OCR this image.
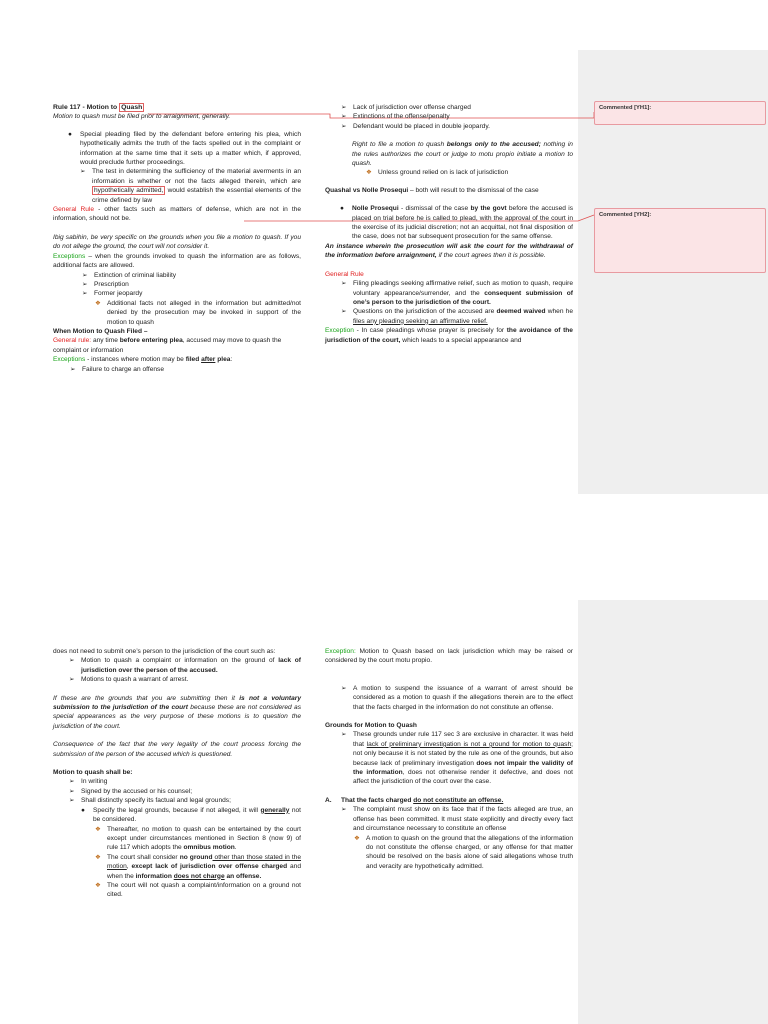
Commented [YH1]:
Commented [YH2]:

Rule 117 - Motion to Quash

Motion to quash must be filed prior to arraignment, generally.

● Special pleading filed by the defendant before entering his plea, which hypothetically admits the truth of the facts spelled out in the complaint or information at the same time that it sets up a matter which, if approved, would preclude further proceedings.
➢ The test in determining the sufficiency of the material averments in an information is whether or not the facts alleged therein, which are hypothetically admitted, would establish the essential elements of the crime defined by law

General Rule - other facts such as matters of defense, which are not in the information, should not be.

Ibig sabihin, be very specific on the grounds when you file a motion to quash. If you do not allege the ground, the court will not consider it.

Exceptions – when the grounds invoked to quash the information are as follows, additional facts are allowed.

➢ Extinction of criminal liability
➢ Prescription
➢ Former jeopardy
❖ Additional facts not alleged in the information but admitted/not denied by the prosecution may be invoked in support of the motion to quash

When Motion to Quash Filed –

General rule: any time before entering plea, accused may move to quash the complaint or information

Exceptions - instances where motion may be filed after plea:

➢ Failure to charge an offense
➢ Lack of jurisdiction over offense charged
➢ Extinctions of the offense/penalty
➢ Defendant would be placed in double jeopardy.

Right to file a motion to quash belongs only to the accused; nothing in the rules authorizes the court or judge to motu propio initiate a motion to quash.

❖ Unless ground relied on is lack of jurisdiction

Quashal vs Nolle Prosequi – both will result to the dismissal of the case

● Nolle Prosequi - dismissal of the case by the govt before the accused is placed on trial before he is called to plead, with the approval of the court in the exercise of its judicial discretion; not an acquittal, not final disposition of the case, does not bar subsequent prosecution for the same offense.

An instance wherein the prosecution will ask the court for the withdrawal of the information before arraignment, if the court agrees then it is possible.

General Rule

➢ Filing pleadings seeking affirmative relief, such as motion to quash, require voluntary appearance/surrender, and the consequent submission of one’s person to the jurisdiction of the court.
➢ Questions on the jurisdiction of the accused are deemed waived when he files any pleading seeking an affirmative relief.

Exception - In case pleadings whose prayer is precisely for the avoidance of the jurisdiction of the court, which leads to a special appearance and

does not need to submit one’s person to the jurisdiction of the court such as:

➢ Motion to quash a complaint or information on the ground of lack of jurisdiction over the person of the accused.
➢ Motions to quash a warrant of arrest.

If these are the grounds that you are submitting then it is not a voluntary submission to the jurisdiction of the court because these are not considered as special appearances as the very purpose of these motions is to question the jurisdiction of the court.

Consequence of the fact that the very legality of the court process forcing the submission of the person of the accused which is questioned.

Motion to quash shall be:

➢ In writing
➢ Signed by the accused or his counsel;
➢ Shall distinctly specify its factual and legal grounds;
● Specify the legal grounds, because if not alleged, it will generally not be considered.
❖ Thereafter, no motion to quash can be entertained by the court except under circumstances mentioned in Section 8 (now 9) of rule 117 which adopts the omnibus motion.
❖ The court shall consider no ground other than those stated in the motion, except lack of jurisdiction over offense charged and when the information does not charge an offense.
❖ The court will not quash a complaint/information on a ground not cited.

Exception: Motion to Quash based on lack jurisdiction which may be raised or considered by the court motu propio.

➢ A motion to suspend the issuance of a warrant of arrest should be considered as a motion to quash if the allegations therein are to the effect that the facts charged in the information do not constitute an offense.

Grounds for Motion to Quash

➢ These grounds under rule 117 sec 3 are exclusive in character. It was held that lack of preliminary investigation is not a ground for motion to quash; not only because it is not stated by the rule as one of the grounds, but also because lack of preliminary investigation does not impair the validity of the information, does not otherwise render it defective, and does not affect the jurisdiction of the court over the case.
A. That the facts charged do not constitute an offense.
➢ The complaint must show on its face that if the facts alleged are true, an offense has been committed. It must state explicitly and directly every fact and circumstance necessary to constitute an offense
❖ A motion to quash on the ground that the allegations of the information do not constitute the offense charged, or any offense for that matter should be resolved on the basis alone of said allegations whose truth and veracity are hypothetically admitted.
